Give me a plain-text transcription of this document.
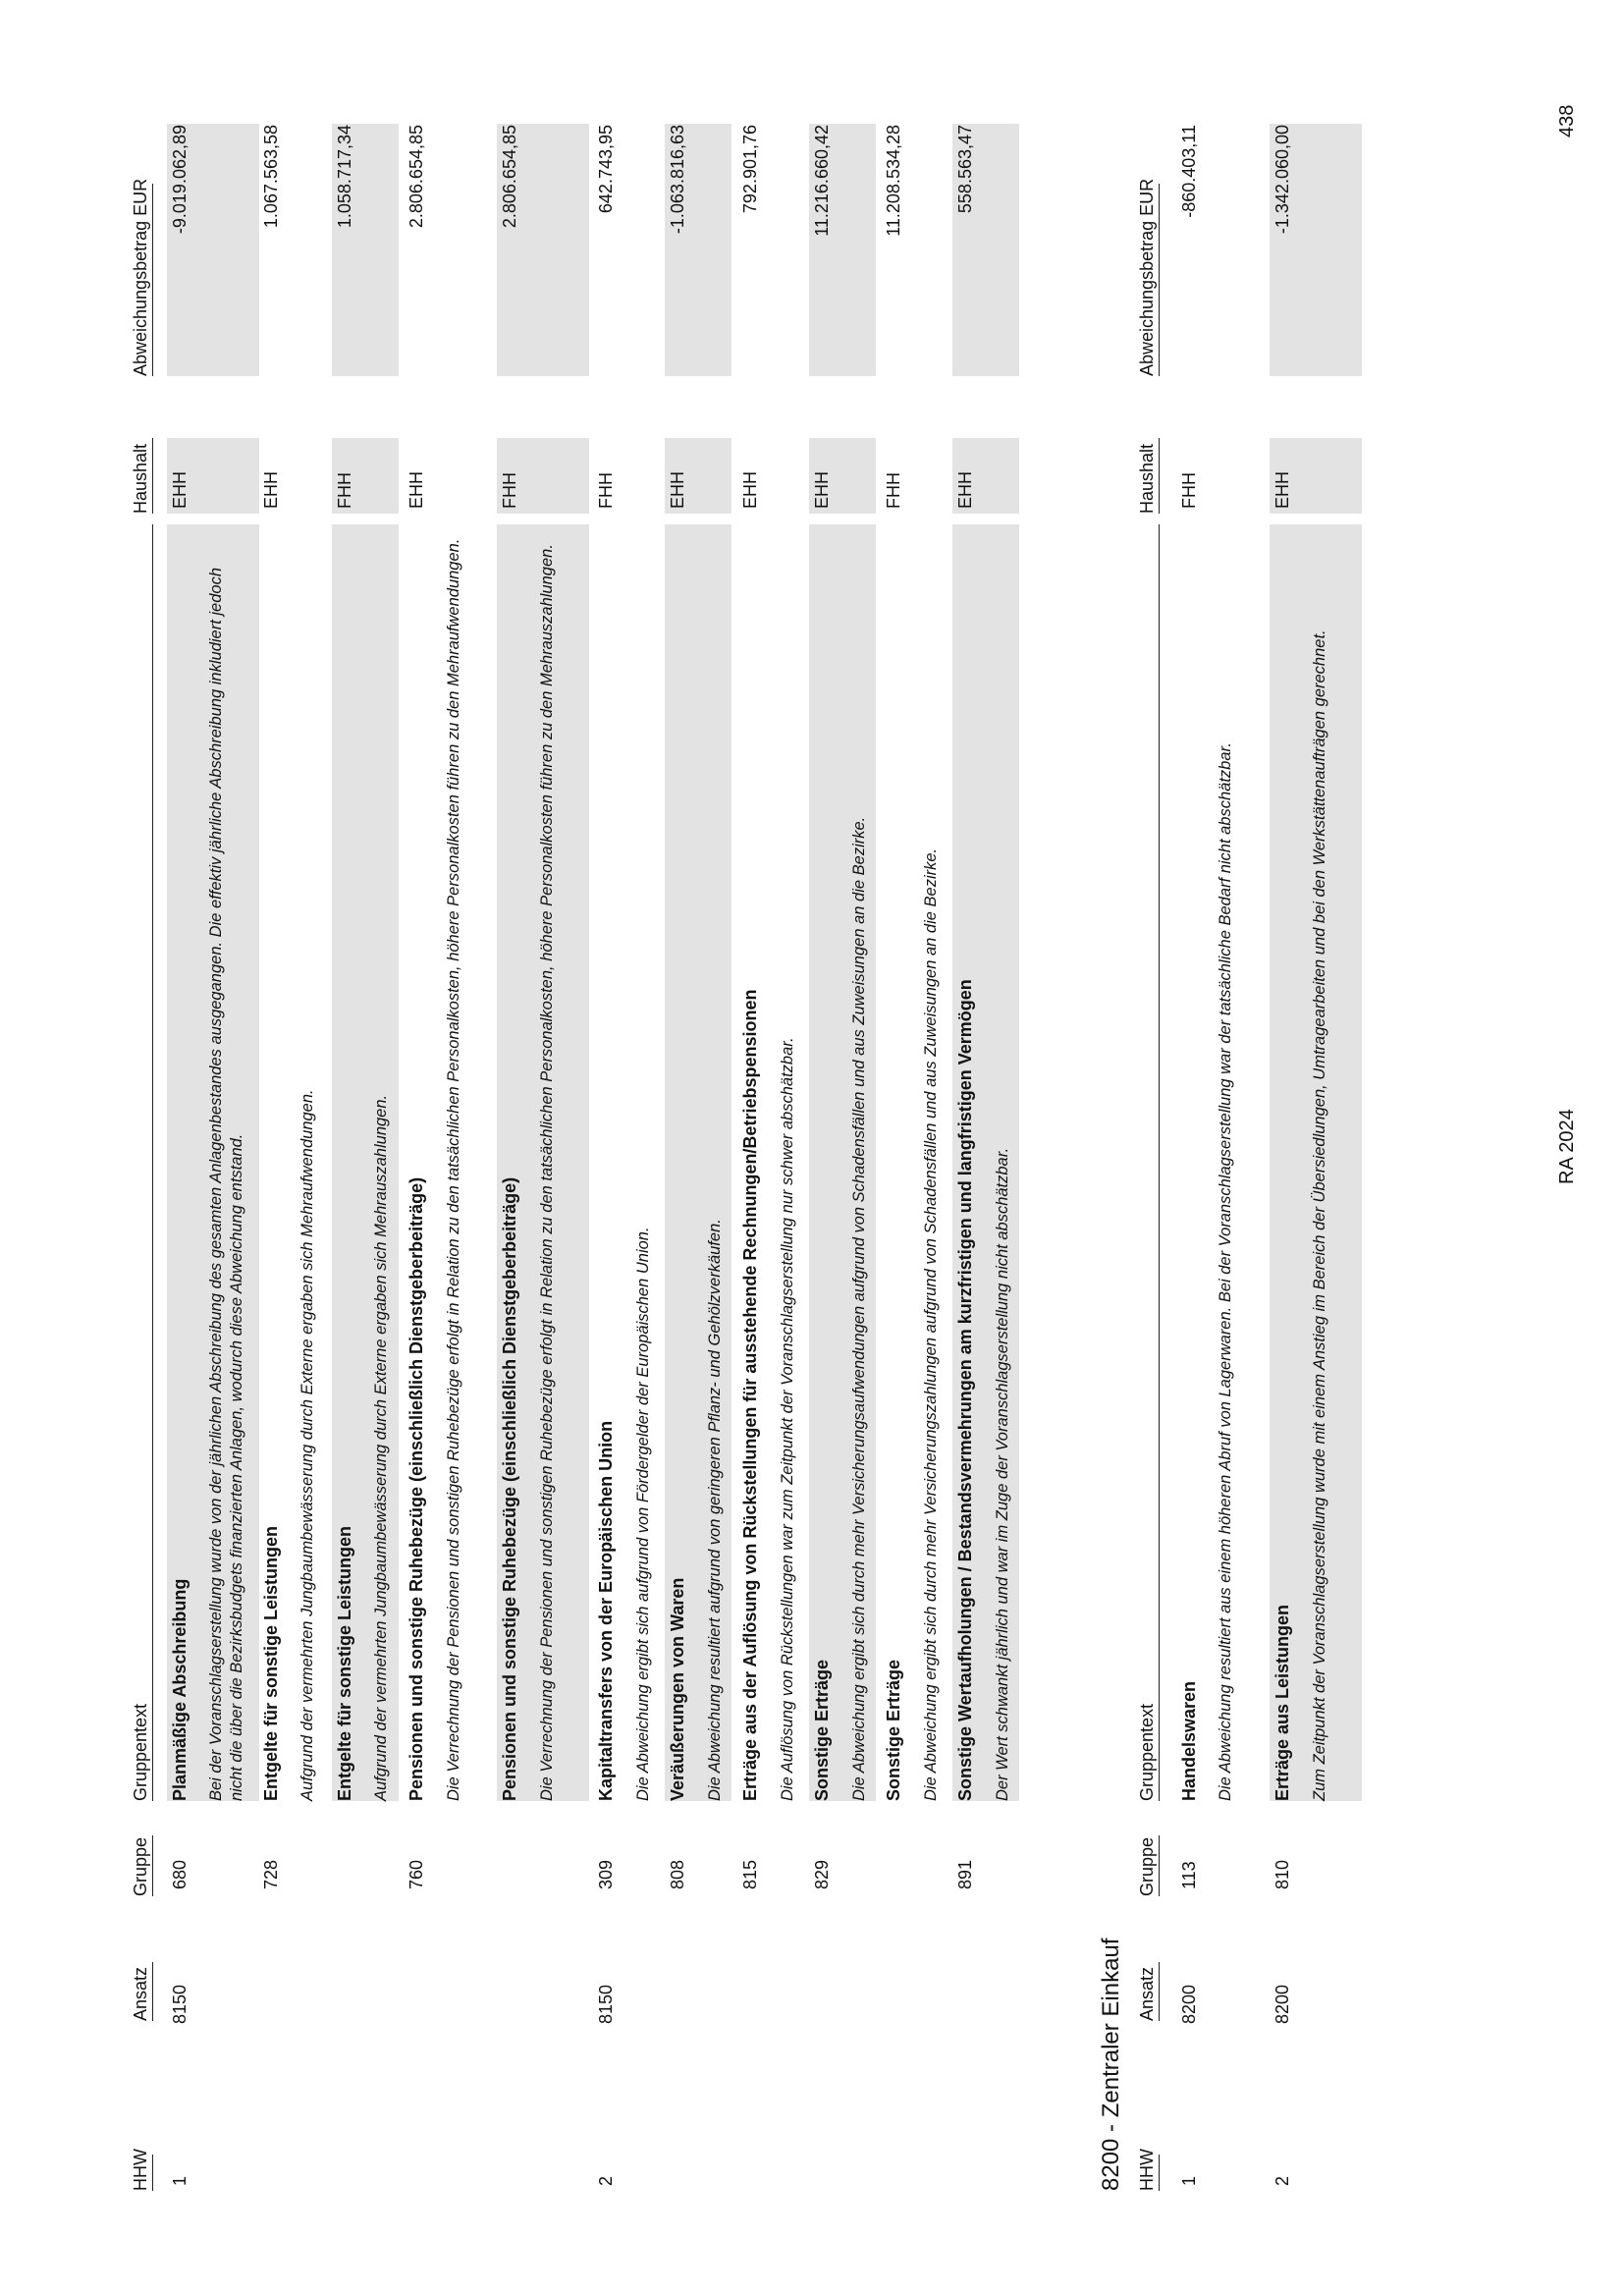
HHW
Ansatz
Gruppe
Gruppentext
Haushalt
Abweichungsbetrag EUR
1
8150
680
Planmäßige Abschreibung Bei der Voranschlagserstellung wurde von der jährlichen Abschreibung des gesamten Anlagenbestandes ausgegangen. Die effektiv jährliche Abschreibung inkludiert jedoch nicht die über die Bezirksbudgets finanzierten Anlagen, wodurch diese Abweichung entstand.
EHH
-9.019.062,89
728
Entgelte für sonstige Leistungen Aufgrund der vermehrten Jungbaumbewässerung durch Externe ergaben sich Mehraufwendungen.
EHH
1.067.563,58
Entgelte für sonstige Leistungen Aufgrund der vermehrten Jungbaumbewässerung durch Externe ergaben sich Mehrauszahlungen.
FHH
1.058.717,34
760
Pensionen und sonstige Ruhebezüge (einschließlich Dienstgeberbeiträge) Die Verrechnung der Pensionen und sonstigen Ruhebezüge erfolgt in Relation zu den tatsächlichen Personalkosten, höhere Personalkosten führen zu den Mehraufwendungen.
EHH
2.806.654,85
Pensionen und sonstige Ruhebezüge (einschließlich Dienstgeberbeiträge) Die Verrechnung der Pensionen und sonstigen Ruhebezüge erfolgt in Relation zu den tatsächlichen Personalkosten, höhere Personalkosten führen zu den Mehrauszahlungen.
FHH
2.806.654,85
2
8150
309
Kapitaltransfers von der Europäischen Union Die Abweichung ergibt sich aufgrund von Fördergelder der Europäischen Union.
FHH
642.743,95
808
Veräußerungen von Waren Die Abweichung resultiert aufgrund von geringeren Pflanz- und Gehölzverkäufen.
EHH
-1.063.816,63
815
Erträge aus der Auflösung von Rückstellungen für ausstehende Rechnungen/Betriebspensionen Die Auflösung von Rückstellungen war zum Zeitpunkt der Voranschlagserstellung nur schwer abschätzbar.
EHH
792.901,76
829
Sonstige Erträge Die Abweichung ergibt sich durch mehr Versicherungsaufwendungen aufgrund von Schadensfällen und aus Zuweisungen an die Bezirke.
EHH
11.216.660,42
Sonstige Erträge Die Abweichung ergibt sich durch mehr Versicherungszahlungen aufgrund von Schadensfällen und aus Zuweisungen an die Bezirke.
FHH
11.208.534,28
891
Sonstige Wertaufholungen / Bestandsvermehrungen am kurzfristigen und langfristigen Vermögen Der Wert schwankt jährlich und war im Zuge der Voranschlagserstellung nicht abschätzbar.
EHH
558.563,47
8200 - Zentraler Einkauf HHW
Ansatz
Gruppe
Gruppentext
Haushalt
Abweichungsbetrag EUR
1
8200
113
Handelswaren Die Abweichung resultiert aus einem höheren Abruf von Lagerwaren. Bei der Voranschlagserstellung war der tatsächliche Bedarf nicht abschätzbar.
FHH
-860.403,11
2
8200
810
Erträge aus Leistungen Zum Zeitpunkt der Voranschlagserstellung wurde mit einem Anstieg im Bereich der Übersiedlungen, Umtragearbeiten und bei den Werkstättenaufträgen gerechnet.
EHH
-1.342.060,00
RA 2024
438
